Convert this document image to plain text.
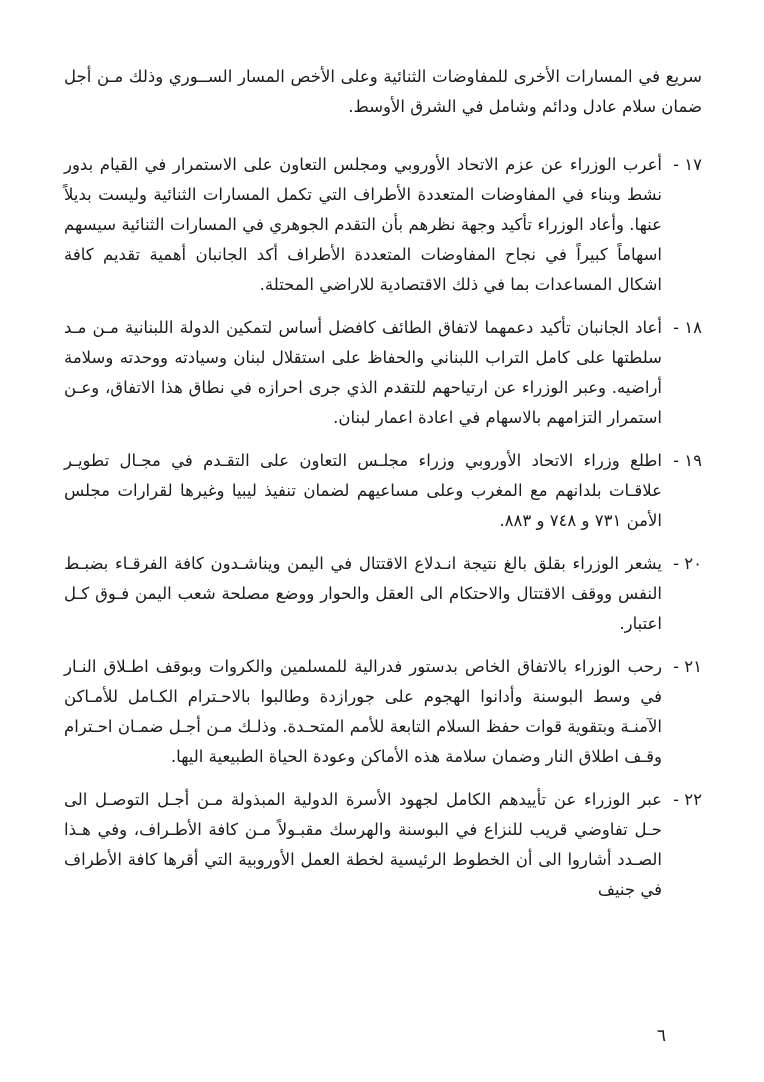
سريع في المسارات الأخرى للمفاوضات الثنائية وعلى الأخص المسار الســوري وذلك مـن أجل ضمان سلام عادل ودائم وشامل في الشرق الأوسط.

١٧ -أعرب الوزراء عن عزم الاتحاد الأوروبي ومجلس التعاون على الاستمرار في القيام بدور نشط وبناء في المفاوضات المتعددة الأطراف التي تكمل المسارات الثنائية وليست بديلاً عنها. وأعاد الوزراء تأكيد وجهة نظرهم بأن التقدم الجوهري في المسارات الثنائية سيسهم اسهاماً كبيراً في نجاح المفاوضات المتعددة الأطراف أكد الجانبان أهمية تقديم كافة اشكال المساعدات بما في ذلك الاقتصادية للاراضي المحتلة.
١٨ -أعاد الجانبان تأكيد دعمهما لاتفاق الطائف كافضل أساس لتمكين الدولة اللبنانية مـن مـد سلطتها على كامل التراب اللبناني والحفاظ على استقلال لبنان وسيادته ووحدته وسلامة أراضيه. وعبر الوزراء عن ارتياحهم للتقدم الذي جرى احرازه في نطاق هذا الاتفاق، وعـن استمرار التزامهم بالاسهام في اعادة اعمار لبنان.
١٩ -اطلع وزراء الاتحاد الأوروبي وزراء مجلـس التعاون على التقـدم في مجـال تطويـر علاقـات بلدانهم مع المغرب وعلى مساعيهم لضمان تنفيذ ليبيا وغيرها لقرارات مجلس الأمن ٧٣١ و ٧٤٨ و ٨٨٣.
٢٠ -يشعر الوزراء بقلق بالغ نتيجة انـدلاع الاقتتال في اليمن ويناشـدون كافة الفرقـاء بضبـط النفس ووقف الاقتتال والاحتكام الى العقل والحوار ووضع مصلحة شعب اليمن فـوق كـل اعتبار.
٢١ -رحب الوزراء بالاتفاق الخاص بدستور فدرالية للمسلمين والكروات وبوقف اطـلاق النـار في وسط البوسنة وأدانوا الهجوم على جورازدة وطالبوا بالاحـترام الكـامل للأمـاكن الآمنـة وبتقوية قوات حفظ السلام التابعة للأمم المتحـدة. وذلـك مـن أجـل ضمـان احـترام وقـف اطلاق النار وضمان سلامة هذه الأماكن وعودة الحياة الطبيعية اليها.
٢٢ -عبر الوزراء عن تأييدهم الكامل لجهود الأسرة الدولية المبذولة مـن أجـل التوصـل الى حـل تفاوضي قريب للنزاع في البوسنة والهرسك مقبـولاً مـن كافة الأطـراف، وفي هـذا الصـدد أشاروا الى أن الخطوط الرئيسية لخطة العمل الأوروبية التي أقرها كافة الأطراف في جنيف
٦
